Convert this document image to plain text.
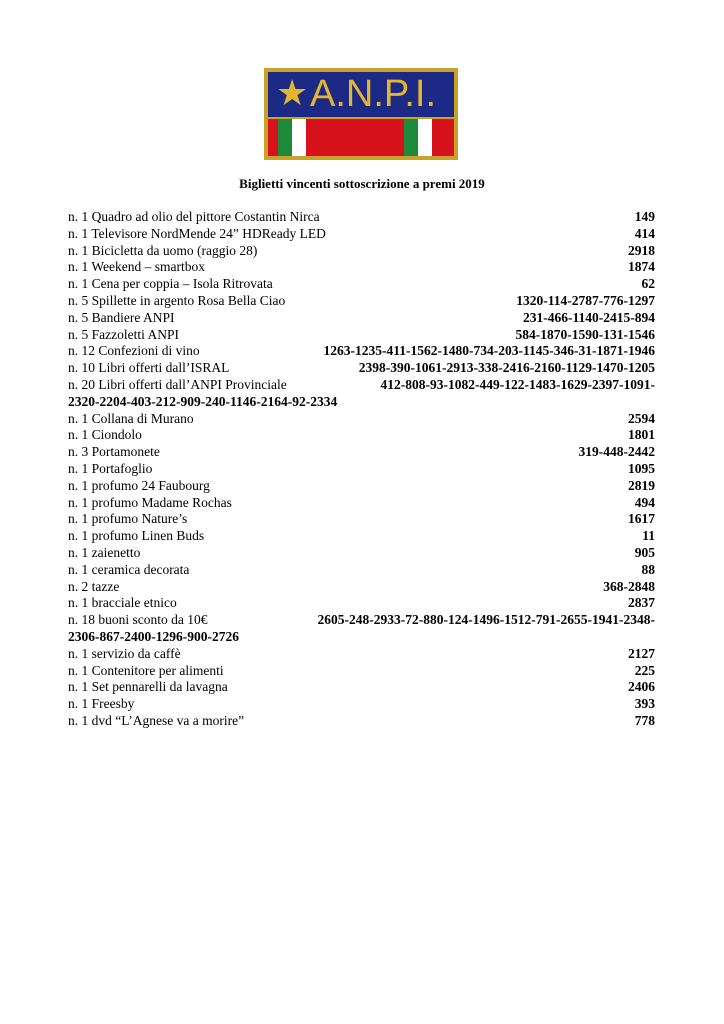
★ A.N.P.I.
Biglietti vincenti sottoscrizione a premi 2019
n. 1 Quadro ad olio del pittore Costantin Nirca	149
n. 1 Televisore NordMende 24” HDReady LED	414
n. 1 Bicicletta da uomo (raggio 28)	2918
n. 1 Weekend – smartbox	1874
n. 1 Cena per coppia – Isola Ritrovata	62
n. 5 Spillette in argento Rosa Bella Ciao	1320-114-2787-776-1297
n. 5 Bandiere ANPI	231-466-1140-2415-894
n. 5 Fazzoletti ANPI	584-1870-1590-131-1546
n. 12 Confezioni di vino	1263-1235-411-1562-1480-734-203-1145-346-31-1871-1946
n. 10 Libri offerti dall’ISRAL	2398-390-1061-2913-338-2416-2160-1129-1470-1205
n. 20 Libri offerti dall’ANPI Provinciale	412-808-93-1082-449-122-1483-1629-2397-1091-
2320-2204-403-212-909-240-1146-2164-92-2334
n. 1 Collana di Murano	2594
n. 1 Ciondolo	1801
n. 3 Portamonete	319-448-2442
n. 1 Portafoglio	1095
n. 1 profumo 24 Faubourg	2819
n. 1 profumo Madame Rochas	494
n. 1 profumo Nature’s	1617
n. 1 profumo Linen Buds	11
n. 1 zaienetto	905
n. 1 ceramica decorata	88
n. 2 tazze	368-2848
n. 1 bracciale etnico	2837
n. 18 buoni sconto da 10€	2605-248-2933-72-880-124-1496-1512-791-2655-1941-2348-
2306-867-2400-1296-900-2726
n. 1 servizio da caffè	2127
n. 1 Contenitore per alimenti	225
n. 1 Set pennarelli da lavagna	2406
n. 1 Freesby	393
n. 1 dvd “L’Agnese va a morire”	778
